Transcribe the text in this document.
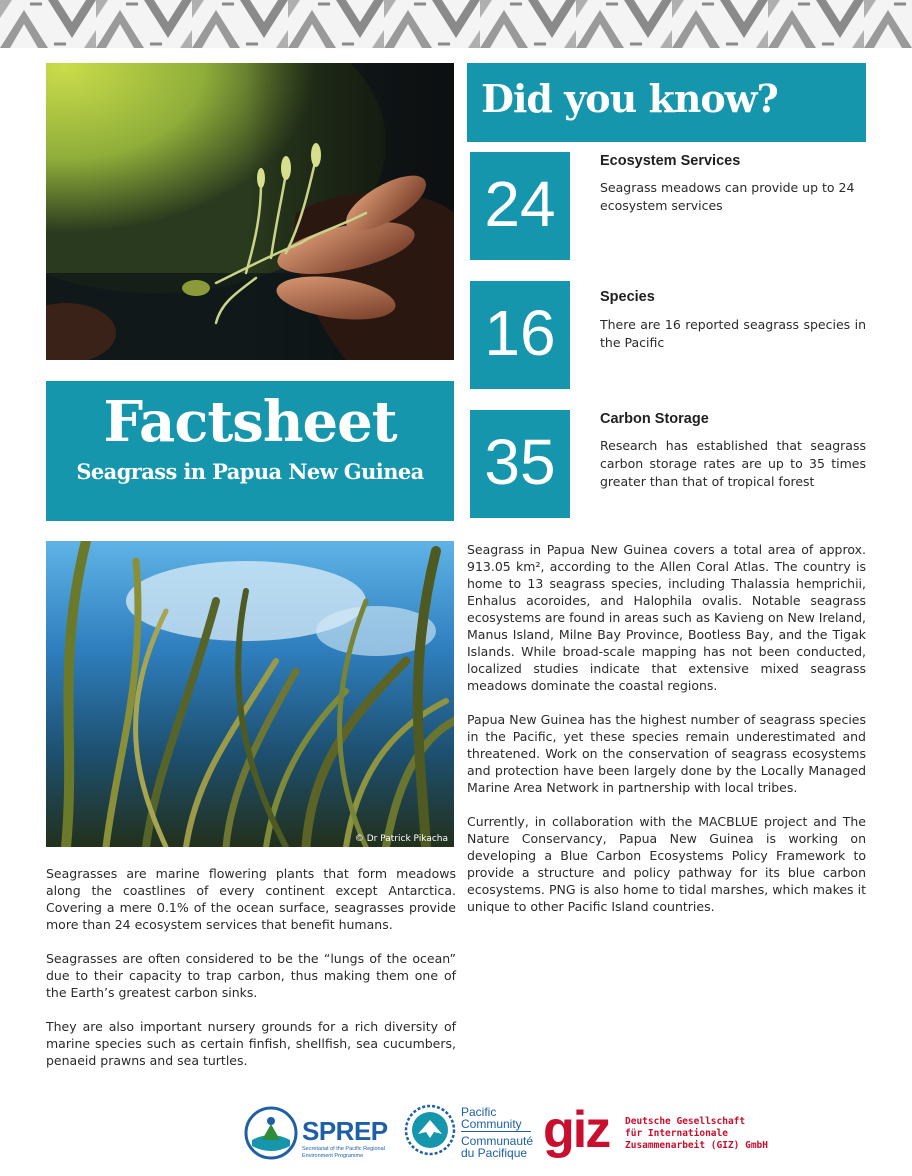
Factsheet
Seagrass in Papua New Guinea
© Dr Patrick Pikacha
Did you know?
24
Ecosystem Services
Seagrass meadows can provide up to 24 ecosystem services
16	Species
There are 16 reported seagrass species in the Pacific
35
Carbon Storage
Research has established that seagrass carbon storage rates are up to 35 times greater than that of tropical forest

Seagrasses are marine flowering plants that form meadows along the coastlines of every continent except Antarctica. Covering a mere 0.1% of the ocean surface, seagrasses provide more than 24 ecosystem services that benefit humans.

Seagrasses are often considered to be the “lungs of the ocean” due to their capacity to trap carbon, thus making them one of the Earth’s greatest carbon sinks.

They are also important nursery grounds for a rich diversity of marine species such as certain finfish, shellfish, sea cucumbers, penaeid prawns and sea turtles.

Seagrass in Papua New Guinea covers a total area of approx. 913.05 km², according to the Allen Coral Atlas. The country is home to 13 seagrass species, including Thalassia hemprichii, Enhalus acoroides, and Halophila ovalis. Notable seagrass ecosystems are found in areas such as Kavieng on New Ireland, Manus Island, Milne Bay Province, Bootless Bay, and the Tigak Islands. While broad-scale mapping has not been conducted, localized studies indicate that extensive mixed seagrass meadows dominate the coastal regions.

Papua New Guinea has the highest number of seagrass species in the Pacific, yet these species remain underestimated and threatened. Work on the conservation of seagrass ecosystems and protection have been largely done by the Locally Managed Marine Area Network in partnership with local tribes.

Currently, in collaboration with the MACBLUE project and The Nature Conservancy, Papua New Guinea is working on developing a Blue Carbon Ecosystems Policy Framework to provide a structure and policy pathway for its blue carbon ecosystems. PNG is also home to tidal marshes, which makes it unique to other Pacific Island countries.

SPREP
Secretariat of the Pacific Regional Environment Programme
Pacific
Community
Communauté
du Pacifique giz Deutsche Gesellschaft
für Internationale
Zusammenarbeit (GIZ) GmbH
